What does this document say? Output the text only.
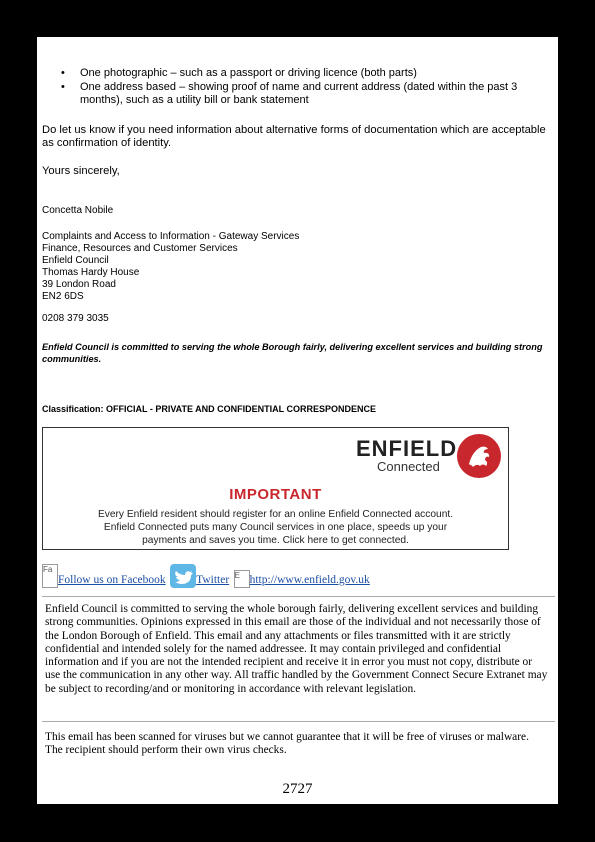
• One photographic – such as a passport or driving licence (both parts)
• One address based – showing proof of name and current address (dated within the past 3 months), such as a utility bill or bank statement

Do let us know if you need information about alternative forms of documentation which are acceptable as confirmation of identity.

Yours sincerely,

Concetta Nobile

Complaints and Access to Information - Gateway Services
Finance, Resources and Customer Services
Enfield Council
Thomas Hardy House
39 London Road
EN2 6DS

0208 379 3035

Enfield Council is committed to serving the whole Borough fairly, delivering excellent services and building strong communities.

Classification: OFFICIAL - PRIVATE AND CONFIDENTIAL CORRESPONDENCE

ENFIELD
Connected
IMPORTANT
Every Enfield resident should register for an online Enfield Connected account.
Enfield Connected puts many Council services in one place, speeds up your
payments and saves you time. Click here to get connected.
FaFollow us on Facebook	Twitter E http://www.enfield.gov.uk

Enfield Council is committed to serving the whole borough fairly, delivering excellent services and building strong communities. Opinions expressed in this email are those of the individual and not necessarily those of the London Borough of Enfield. This email and any attachments or files transmitted with it are strictly confidential and intended solely for the named addressee. It may contain privileged and confidential information and if you are not the intended recipient and receive it in error you must not copy, distribute or use the communication in any other way. All traffic handled by the Government Connect Secure Extranet may be subject to recording/and or monitoring in accordance with relevant legislation.

This email has been scanned for viruses but we cannot guarantee that it will be free of viruses or malware. The recipient should perform their own virus checks.

2727
